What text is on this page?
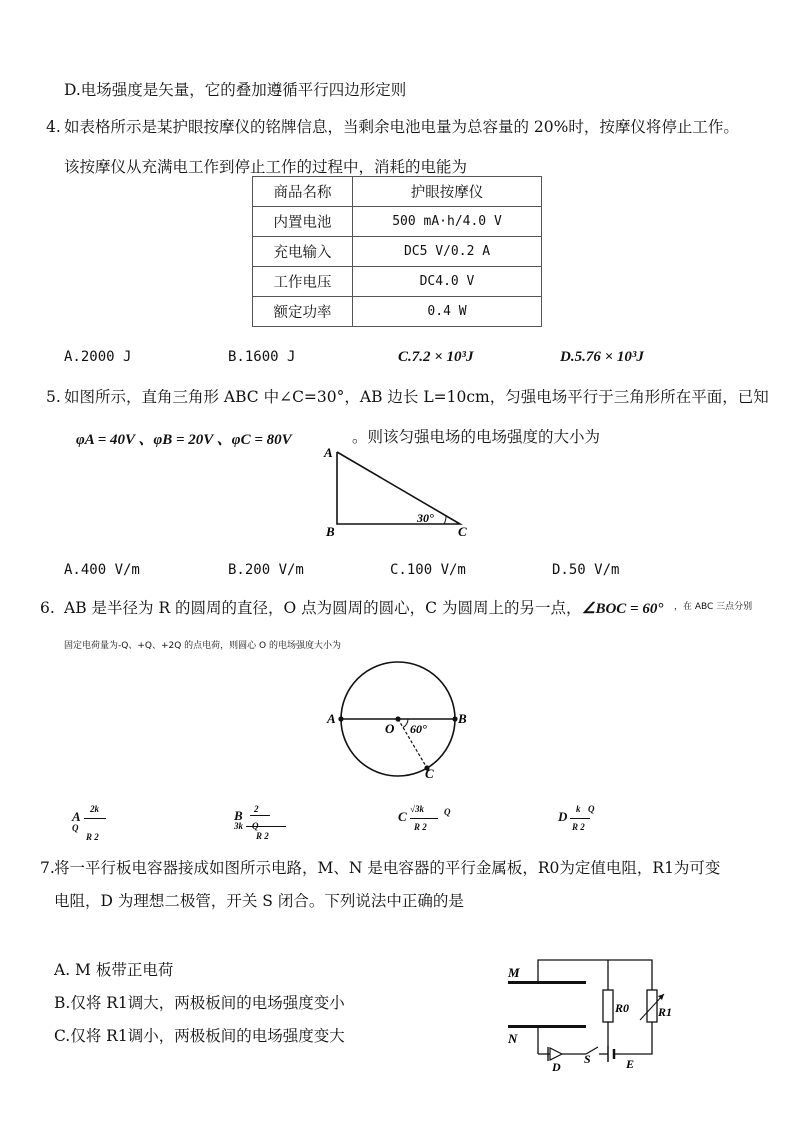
D.电场强度是矢量，它的叠加遵循平行四边形定则
4. 如表格所示是某护眼按摩仪的铭牌信息，当剩余电池电量为总容量的 20%时，按摩仪将停止工作。
该按摩仪从充满电工作到停止工作的过程中，消耗的电能为
商品名称	护眼按摩仪
内置电池	500 mA·h/4.0 V
充电输入	DC5 V/0.2 A
工作电压	DC4.0 V
额定功率	0.4 W
A.2000 J	B.1600 J	C.7.2 × 10³J	D.5.76 × 10³J
5. 如图所示，直角三角形 ABC 中∠C=30°，AB 边长 L=10cm，匀强电场平行于三角形所在平面，已知
φA = 40V 、φB = 20V 、φC = 80V	。则该匀强电场的电场强度的大小为
A
B	C
30°
A.400 V/m	B.200 V/m	C.100 V/m	D.50 V/m
6. AB 是半径为 R 的圆周的直径，O 点为圆周的圆心，C 为圆周上的另一点， ∠BOC = 60° ，在 ABC 三点分别
固定电荷量为-Q、+Q、+2Q 的点电荷，则圆心 O 的电场强度大小为
A	B
O
C
60°
A 2k
Q
R 2
B 2
3k Q
R 2
C √3k Q
R 2
D k Q
R 2
7. 将一平行板电容器接成如图所示电路，M、N 是电容器的平行金属板，R0为定值电阻，R1为可变
电阻，D 为理想二极管，开关 S 闭合。下列说法中正确的是
A. M 板带正电荷
B.仅将 R1调大，两极板间的电场强度变小
C.仅将 R1调小，两极板间的电场强度变大
M
N
R0 R1
D
S	E
